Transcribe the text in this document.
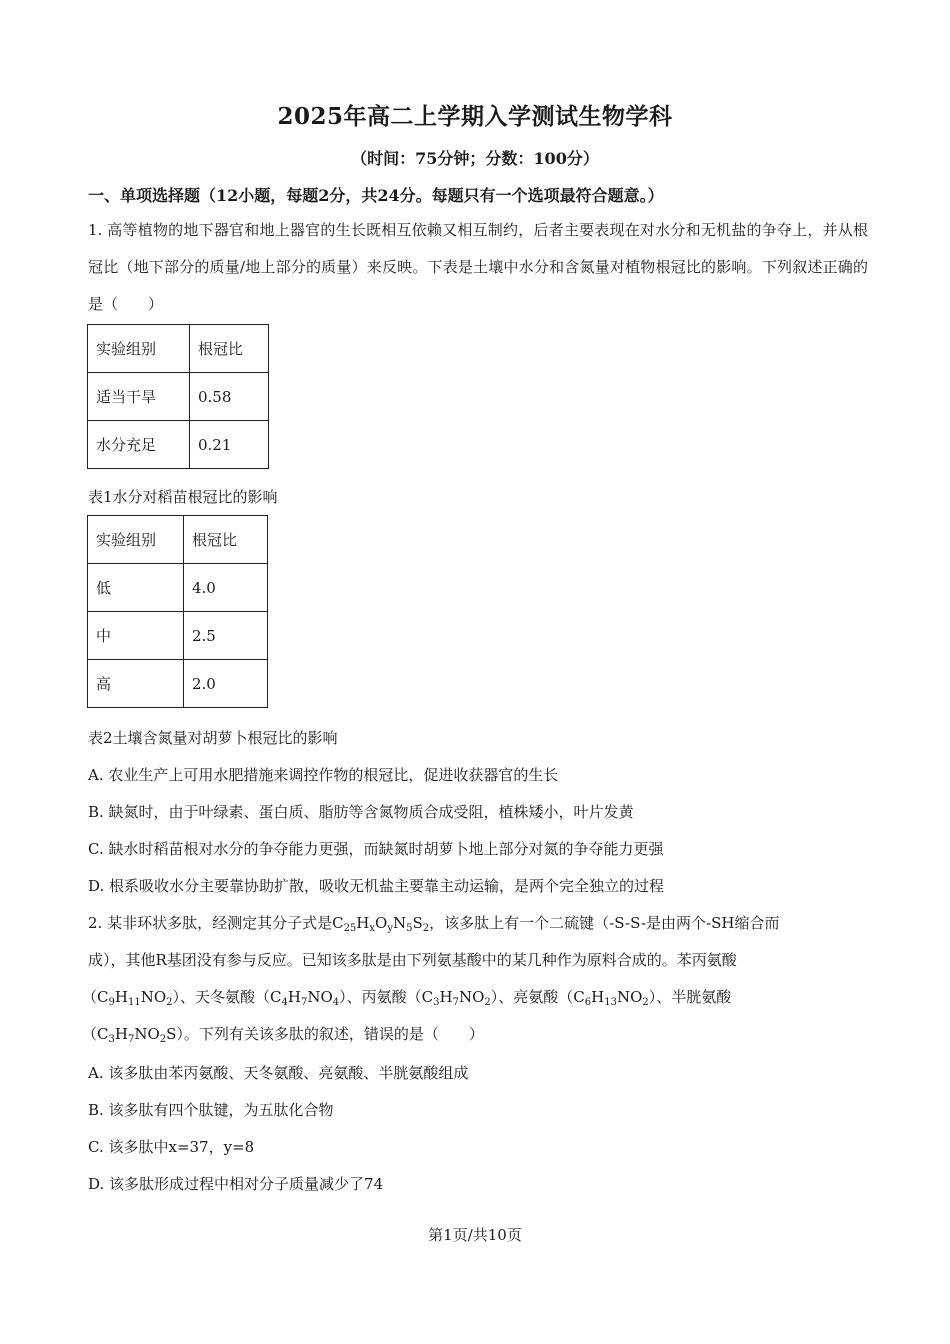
2025年高二上学期入学测试生物学科
（时间：75分钟；分数：100分）
一、单项选择题（12小题，每题2分，共24分。每题只有一个选项最符合题意。）
1. 高等植物的地下器官和地上器官的生长既相互依赖又相互制约，后者主要表现在对水分和无机盐的争夺上，并从根冠比（地下部分的质量/地上部分的质量）来反映。下表是土壤中水分和含氮量对植物根冠比的影响。下列叙述正确的是（　　）
实验组别	根冠比
适当干旱	0.58
水分充足	0.21
表1水分对稻苗根冠比的影响
实验组别	根冠比
低	4.0
中	2.5
高	2.0
表2土壤含氮量对胡萝卜根冠比的影响
A. 农业生产上可用水肥措施来调控作物的根冠比，促进收获器官的生长
B. 缺氮时，由于叶绿素、蛋白质、脂肪等含氮物质合成受阻，植株矮小，叶片发黄
C. 缺水时稻苗根对水分的争夺能力更强，而缺氮时胡萝卜地上部分对氮的争夺能力更强
D. 根系吸收水分主要靠协助扩散，吸收无机盐主要靠主动运输，是两个完全独立的过程
2. 某非环状多肽，经测定其分子式是$C_{25}H_xO_yN_5S_2$，该多肽上有一个二硫键（-S-S-是由两个-SH缩合而
成），其他R基团没有参与反应。已知该多肽是由下列氨基酸中的某几种作为原料合成的。苯丙氨酸
$(C_9H_{11}NO_2)$、天冬氨酸$(C_4H_7NO_4)$、丙氨酸$(C_3H_7NO_2)$、亮氨酸$(C_6H_{13}NO_2)$、半胱氨酸
$(C_3H_7NO_2S)$。下列有关该多肽的叙述，错误的是（　　）
A. 该多肽由苯丙氨酸、天冬氨酸、亮氨酸、半胱氨酸组成
B. 该多肽有四个肽键，为五肽化合物
C. 该多肽中x=37，y=8
D. 该多肽形成过程中相对分子质量减少了74
第1页/共10页
